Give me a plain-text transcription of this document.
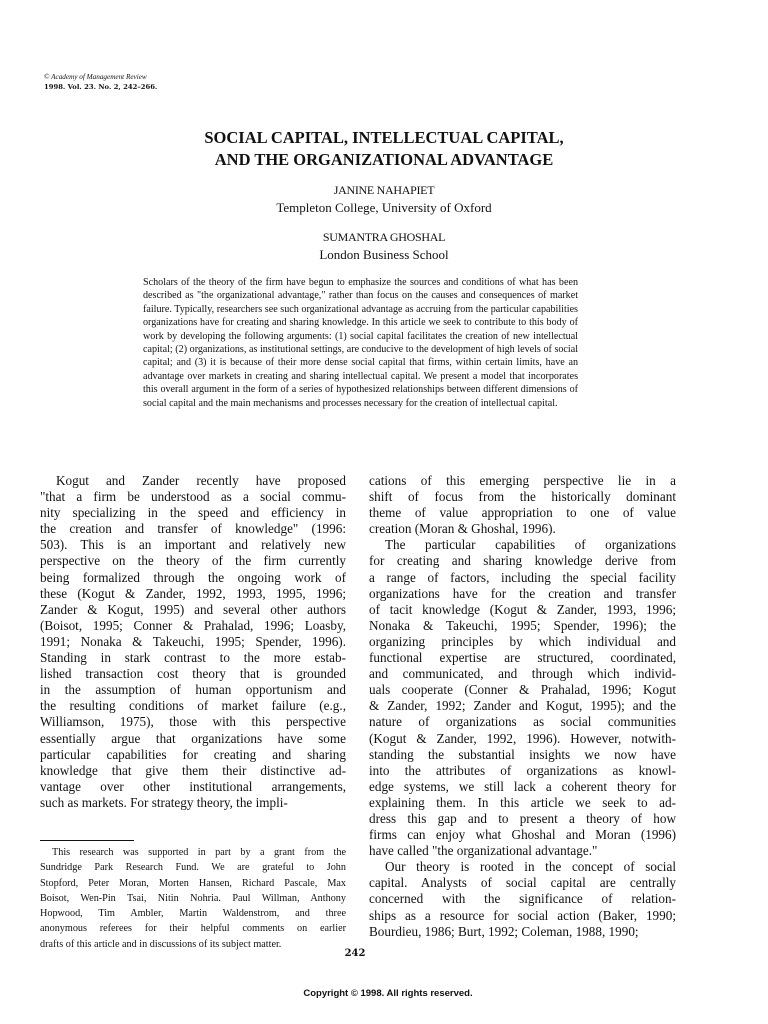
© Academy of Management Review
1998. Vol. 23. No. 2, 242–266.
SOCIAL CAPITAL, INTELLECTUAL CAPITAL,
AND THE ORGANIZATIONAL ADVANTAGE
JANINE NAHAPIET
Templeton College, University of Oxford
SUMANTRA GHOSHAL
London Business School
Scholars of the theory of the firm have begun to emphasize the sources and conditions of what has been described as "the organizational advantage," rather than focus on the causes and consequences of market failure. Typically, researchers see such organizational advantage as accruing from the particular capabilities organizations have for creating and sharing knowledge. In this article we seek to contribute to this body of work by developing the following arguments: (1) social capital facilitates the creation of new intellectual capital; (2) organizations, as institutional settings, are conducive to the development of high levels of social capital; and (3) it is because of their more dense social capital that firms, within certain limits, have an advantage over markets in creating and sharing intellectual capital. We present a model that incorporates this overall argument in the form of a series of hypothesized relationships between different dimensions of social capital and the main mechanisms and processes necessary for the creation of intellectual capital.
Kogut and Zander recently have proposed
"that a firm be understood as a social commu-
nity specializing in the speed and efficiency in
the creation and transfer of knowledge" (1996:
503). This is an important and relatively new
perspective on the theory of the firm currently
being formalized through the ongoing work of
these (Kogut & Zander, 1992, 1993, 1995, 1996;
Zander & Kogut, 1995) and several other authors
(Boisot, 1995; Conner & Prahalad, 1996; Loasby,
1991; Nonaka & Takeuchi, 1995; Spender, 1996).
Standing in stark contrast to the more estab-
lished transaction cost theory that is grounded
in the assumption of human opportunism and
the resulting conditions of market failure (e.g.,
Williamson, 1975), those with this perspective
essentially argue that organizations have some
particular capabilities for creating and sharing
knowledge that give them their distinctive ad-
vantage over other institutional arrangements,
such as markets. For strategy theory, the impli-
cations of this emerging perspective lie in a
shift of focus from the historically dominant
theme of value appropriation to one of value
creation (Moran & Ghoshal, 1996).
The particular capabilities of organizations
for creating and sharing knowledge derive from
a range of factors, including the special facility
organizations have for the creation and transfer
of tacit knowledge (Kogut & Zander, 1993, 1996;
Nonaka & Takeuchi, 1995; Spender, 1996); the
organizing principles by which individual and
functional expertise are structured, coordinated,
and communicated, and through which individ-
uals cooperate (Conner & Prahalad, 1996; Kogut
& Zander, 1992; Zander and Kogut, 1995); and the
nature of organizations as social communities
(Kogut & Zander, 1992, 1996). However, notwith-
standing the substantial insights we now have
into the attributes of organizations as knowl-
edge systems, we still lack a coherent theory for
explaining them. In this article we seek to ad-
dress this gap and to present a theory of how
firms can enjoy what Ghoshal and Moran (1996)
have called "the organizational advantage."
Our theory is rooted in the concept of social
capital. Analysts of social capital are centrally
concerned with the significance of relation-
ships as a resource for social action (Baker, 1990;
Bourdieu, 1986; Burt, 1992; Coleman, 1988, 1990;
This research was supported in part by a grant from the
Sundridge Park Research Fund. We are grateful to John
Stopford, Peter Moran, Morten Hansen, Richard Pascale, Max
Boisot, Wen-Pin Tsai, Nitin Nohria. Paul Willman, Anthony
Hopwood, Tim Ambler, Martin Waldenstrom, and three
anonymous referees for their helpful comments on earlier
drafts of this article and in discussions of its subject matter.
242
Copyright © 1998. All rights reserved.
